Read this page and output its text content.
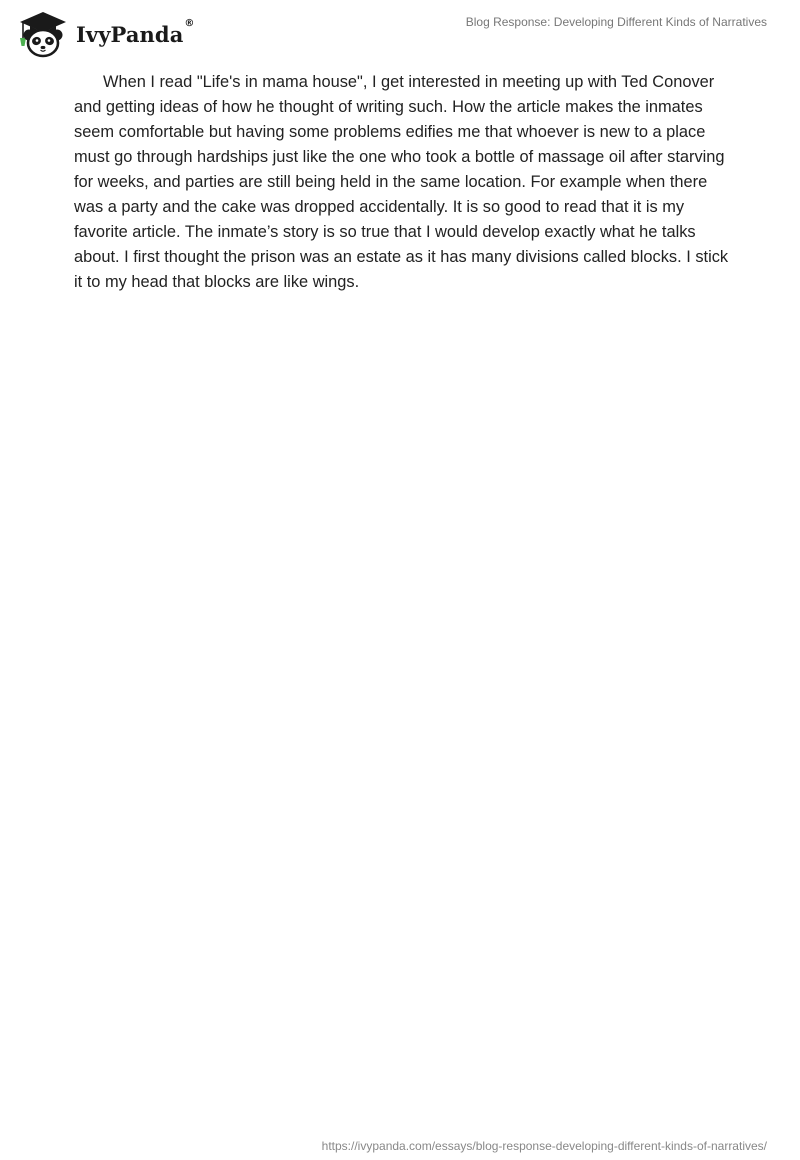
IvyPanda®	Blog Response: Developing Different Kinds of Narratives

When I read "Life's in mama house", I get interested in meeting up with Ted Conover and getting ideas of how he thought of writing such. How the article makes the inmates seem comfortable but having some problems edifies me that whoever is new to a place must go through hardships just like the one who took a bottle of massage oil after starving for weeks, and parties are still being held in the same location. For example when there was a party and the cake was dropped accidentally. It is so good to read that it is my favorite article. The inmate’s story is so true that I would develop exactly what he talks about. I first thought the prison was an estate as it has many divisions called blocks. I stick it to my head that blocks are like wings.

https://ivypanda.com/essays/blog-response-developing-different-kinds-of-narratives/
